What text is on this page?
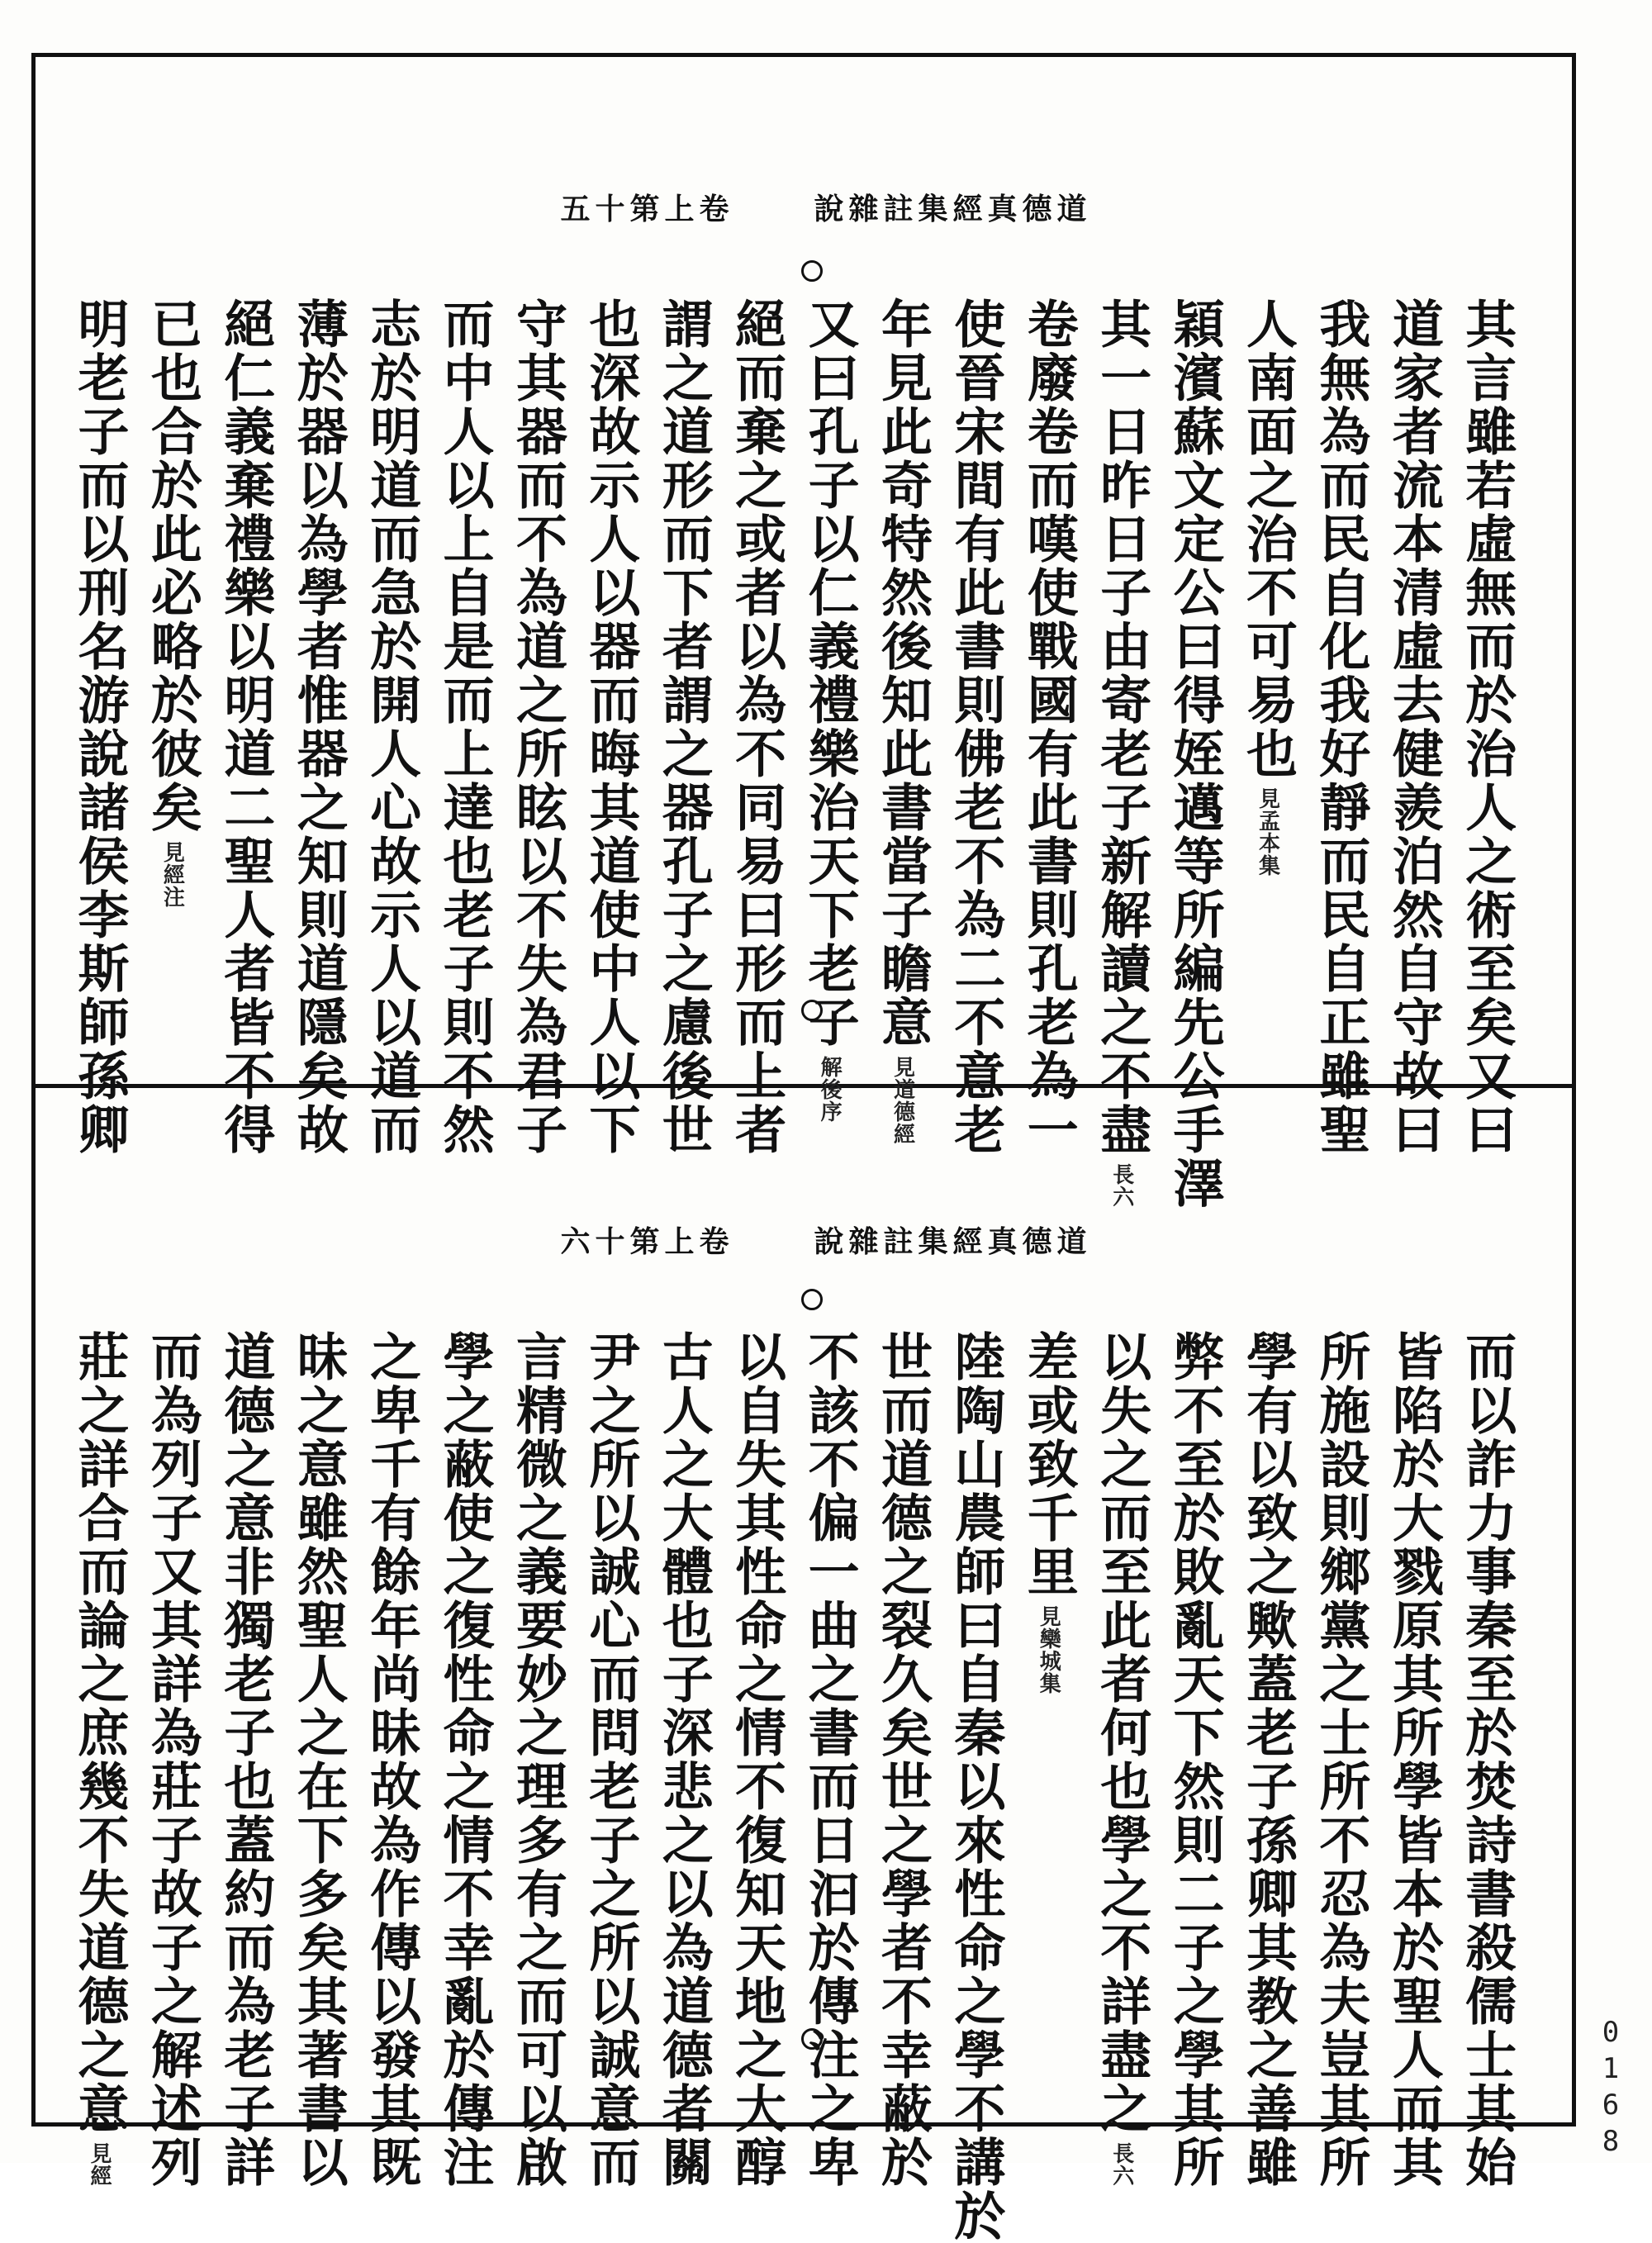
五十第上卷	說雜註集經真德道
其言雖若虛無而於治人之術至矣又曰
道家者流本清虛去健羨泊然自守故曰
我無為而民自化我好靜而民自正雖聖
人南面之治不可易也
見孟本集
穎濱蘇文定公曰得姪邁等所編先公手澤
其一日昨日子由寄老子新解讀之不盡
長六
卷廢卷而嘆使戰國有此書則孔老為一
使晉宋間有此書則佛老不為二不意老
年見此奇特然後知此書當子瞻意
見道德經
又曰孔子以仁義禮樂治天下老子
解後序
絕而棄之或者以為不同易曰形而上者
謂之道形而下者謂之器孔子之慮後世
也深故示人以器而晦其道使中人以下
守其器而不為道之所眩以不失為君子
而中人以上自是而上達也老子則不然
志於明道而急於開人心故示人以道而
薄於器以為學者惟器之知則道隱矣故
絕仁義棄禮樂以明道二聖人者皆不得
已也合於此必略於彼矣
見經注
明老子而以刑名游說諸侯李斯師孫卿
六十第上卷	說雜註集經真德道
而以詐力事秦至於焚詩書殺儒士其始
皆陷於大戮原其所學皆本於聖人而其
所施設則鄉黨之士所不忍為夫豈其所
學有以致之歟蓋老子孫卿其教之善雖
弊不至於敗亂天下然則二子之學其所
以失之而至此者何也學之不詳盡之
長六
差或致千里
見欒城集
陸陶山農師曰自秦以來性命之學不講於
世而道德之裂久矣世之學者不幸蔽於
不該不偏一曲之書而日汩於傳注之卑
以自失其性命之情不復知天地之大醇
古人之大體也子深悲之以為道德者關
尹之所以誠心而問老子之所以誠意而
言精微之義要妙之理多有之而可以啟
學之蔽使之復性命之情不幸亂於傳注
之卑千有餘年尚昧故為作傳以發其既
昧之意雖然聖人之在下多矣其著書以
道德之意非獨老子也蓋約而為老子詳
而為列子又其詳為莊子故子之解述列
莊之詳合而論之庶幾不失道德之意
見經
0168
